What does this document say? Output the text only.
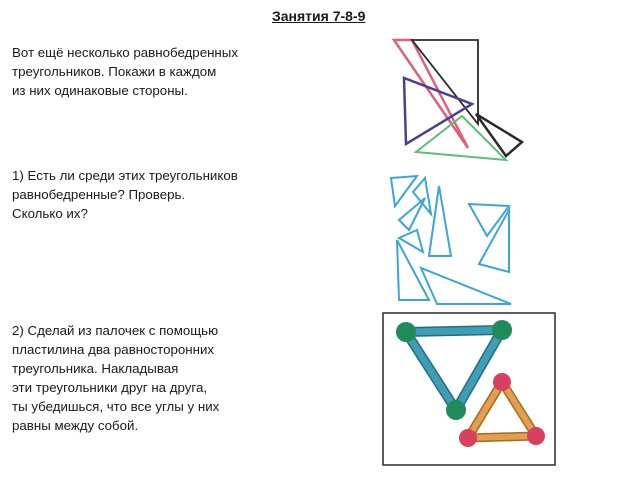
Занятия 7-8-9
Вот ещё несколько равнобедренных
треугольников. Покажи в каждом
из них одинаковые стороны.
1) Есть ли среди этих треугольников
равнобедренные? Проверь.
Сколько их?
2) Сделай из палочек с помощью
пластилина два равносторонних
треугольника. Накладывая
эти треугольники друг на друга,
ты убедишься, что все углы у них
равны между собой.
